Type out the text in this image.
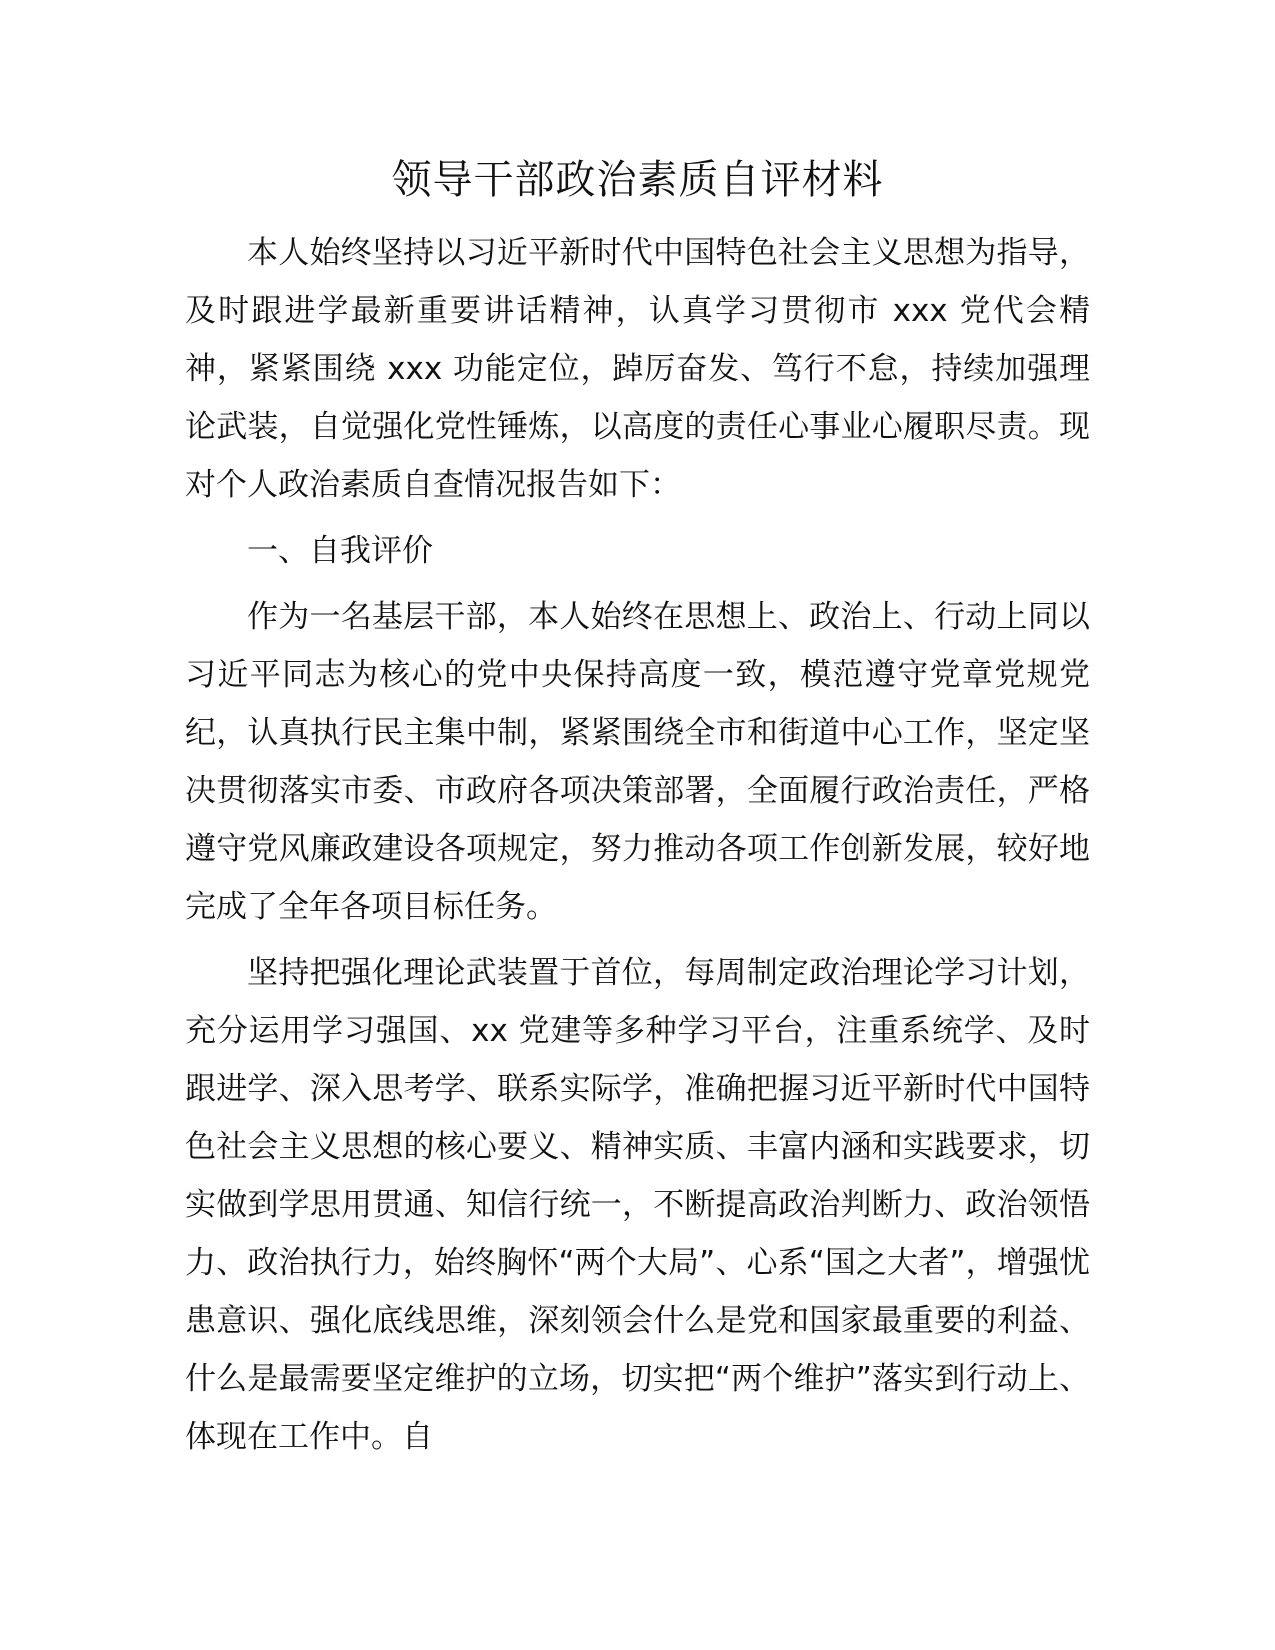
领导干部政治素质自评材料

本人始终坚持以习近平新时代中国特色社会主义思想为指导，及时跟进学最新重要讲话精神，认真学习贯彻市 xxx 党代会精神，紧紧围绕 xxx 功能定位，踔厉奋发、笃行不怠，持续加强理论武装，自觉强化党性锤炼，以高度的责任心事业心履职尽责。现对个人政治素质自查情况报告如下：

一、自我评价

作为一名基层干部，本人始终在思想上、政治上、行动上同以习近平同志为核心的党中央保持高度一致，模范遵守党章党规党纪，认真执行民主集中制，紧紧围绕全市和街道中心工作，坚定坚决贯彻落实市委、市政府各项决策部署，全面履行政治责任，严格遵守党风廉政建设各项规定，努力推动各项工作创新发展，较好地完成了全年各项目标任务。

坚持把强化理论武装置于首位，每周制定政治理论学习计划，充分运用学习强国、xx 党建等多种学习平台，注重系统学、及时跟进学、深入思考学、联系实际学，准确把握习近平新时代中国特色社会主义思想的核心要义、精神实质、丰富内涵和实践要求，切实做到学思用贯通、知信行统一，不断提高政治判断力、政治领悟力、政治执行力，始终胸怀“两个大局”、心系“国之大者”，增强忧患意识、强化底线思维，深刻领会什么是党和国家最重要的利益、什么是最需要坚定维护的立场，切实把“两个维护”落实到行动上、体现在工作中。自
